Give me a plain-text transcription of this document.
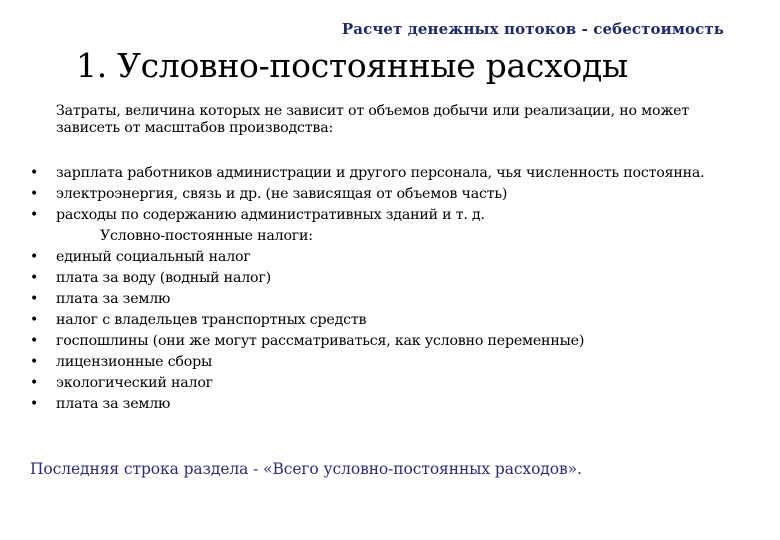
Расчет денежных потоков - себестоимость
1. Условно-постоянные расходы
Затраты, величина которых не зависит от объемов добычи или реализации, но может зависеть от масштабов производства:
• зарплата работников администрации и другого персонала, чья численность постоянна.
• электроэнергия, связь и др. (не зависящая от объемов часть)
• расходы по содержанию административных зданий и т. д.
Условно-постоянные налоги:
• единый социальный налог
• плата за воду (водный налог)
• плата за землю
• налог с владельцев транспортных средств
• госпошлины (они же могут рассматриваться, как условно переменные)
• лицензионные сборы
• экологический налог
• плата за землю
Последняя строка раздела - «Всего условно-постоянных расходов».
